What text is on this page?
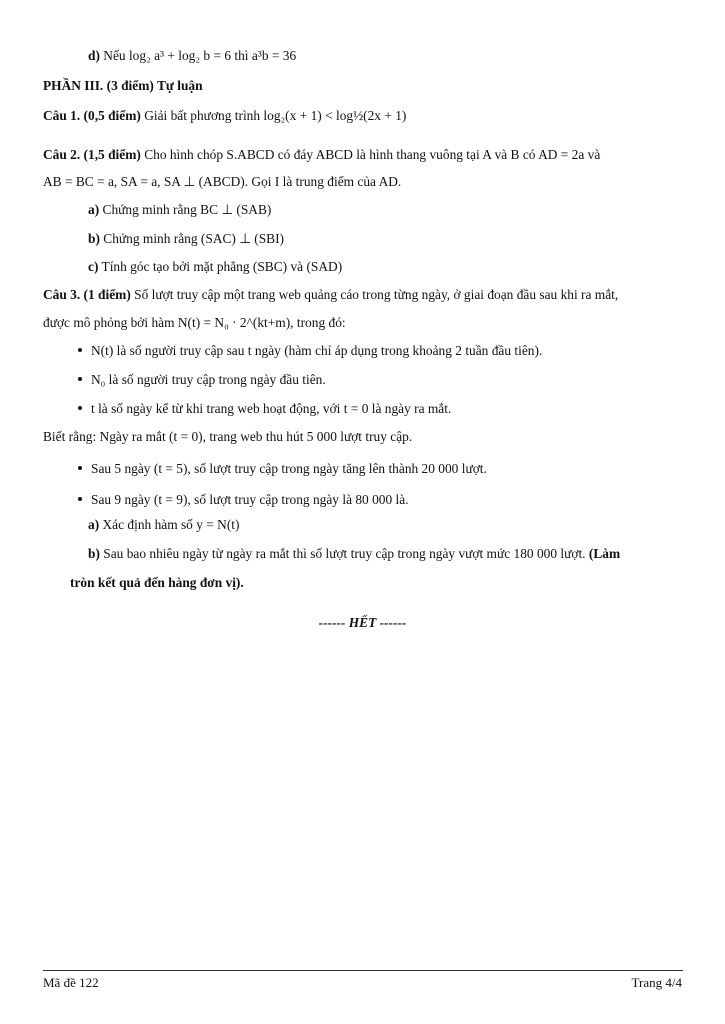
d) Nếu log₂ a³ + log₂ b = 6 thì a³b = 36
PHẦN III. (3 điểm) Tự luận
Câu 1. (0,5 điểm) Giải bất phương trình log₂(x + 1) < log½(2x + 1)
Câu 2. (1,5 điểm) Cho hình chóp S.ABCD có đáy ABCD là hình thang vuông tại A và B có AD = 2a và
AB = BC = a, SA = a, SA ⊥ (ABCD). Gọi I là trung điểm của AD.
a) Chứng minh rằng BC ⊥ (SAB)
b) Chứng minh rằng (SAC) ⊥ (SBI)
c) Tính góc tạo bởi mặt phẳng (SBC) và (SAD)
Câu 3. (1 điểm) Số lượt truy cập một trang web quảng cáo trong từng ngày, ở giai đoạn đầu sau khi ra mắt,
được mô phỏng bởi hàm N(t) = N₀ · 2^(kt+m), trong đó:
N(t) là số người truy cập sau t ngày (hàm chỉ áp dụng trong khoảng 2 tuần đầu tiên).
N₀ là số người truy cập trong ngày đầu tiên.
t là số ngày kể từ khi trang web hoạt động, với t = 0 là ngày ra mắt.
Biết rằng: Ngày ra mắt (t = 0), trang web thu hút 5 000 lượt truy cập.
Sau 5 ngày (t = 5), số lượt truy cập trong ngày tăng lên thành 20 000 lượt.
Sau 9 ngày (t = 9), số lượt truy cập trong ngày là 80 000 là.
a) Xác định hàm số y = N(t)
b) Sau bao nhiêu ngày từ ngày ra mắt thì số lượt truy cập trong ngày vượt mức 180 000 lượt. (Làm
tròn kết quả đến hàng đơn vị).
------ HẾT ------
Mã đề 122	Trang 4/4
